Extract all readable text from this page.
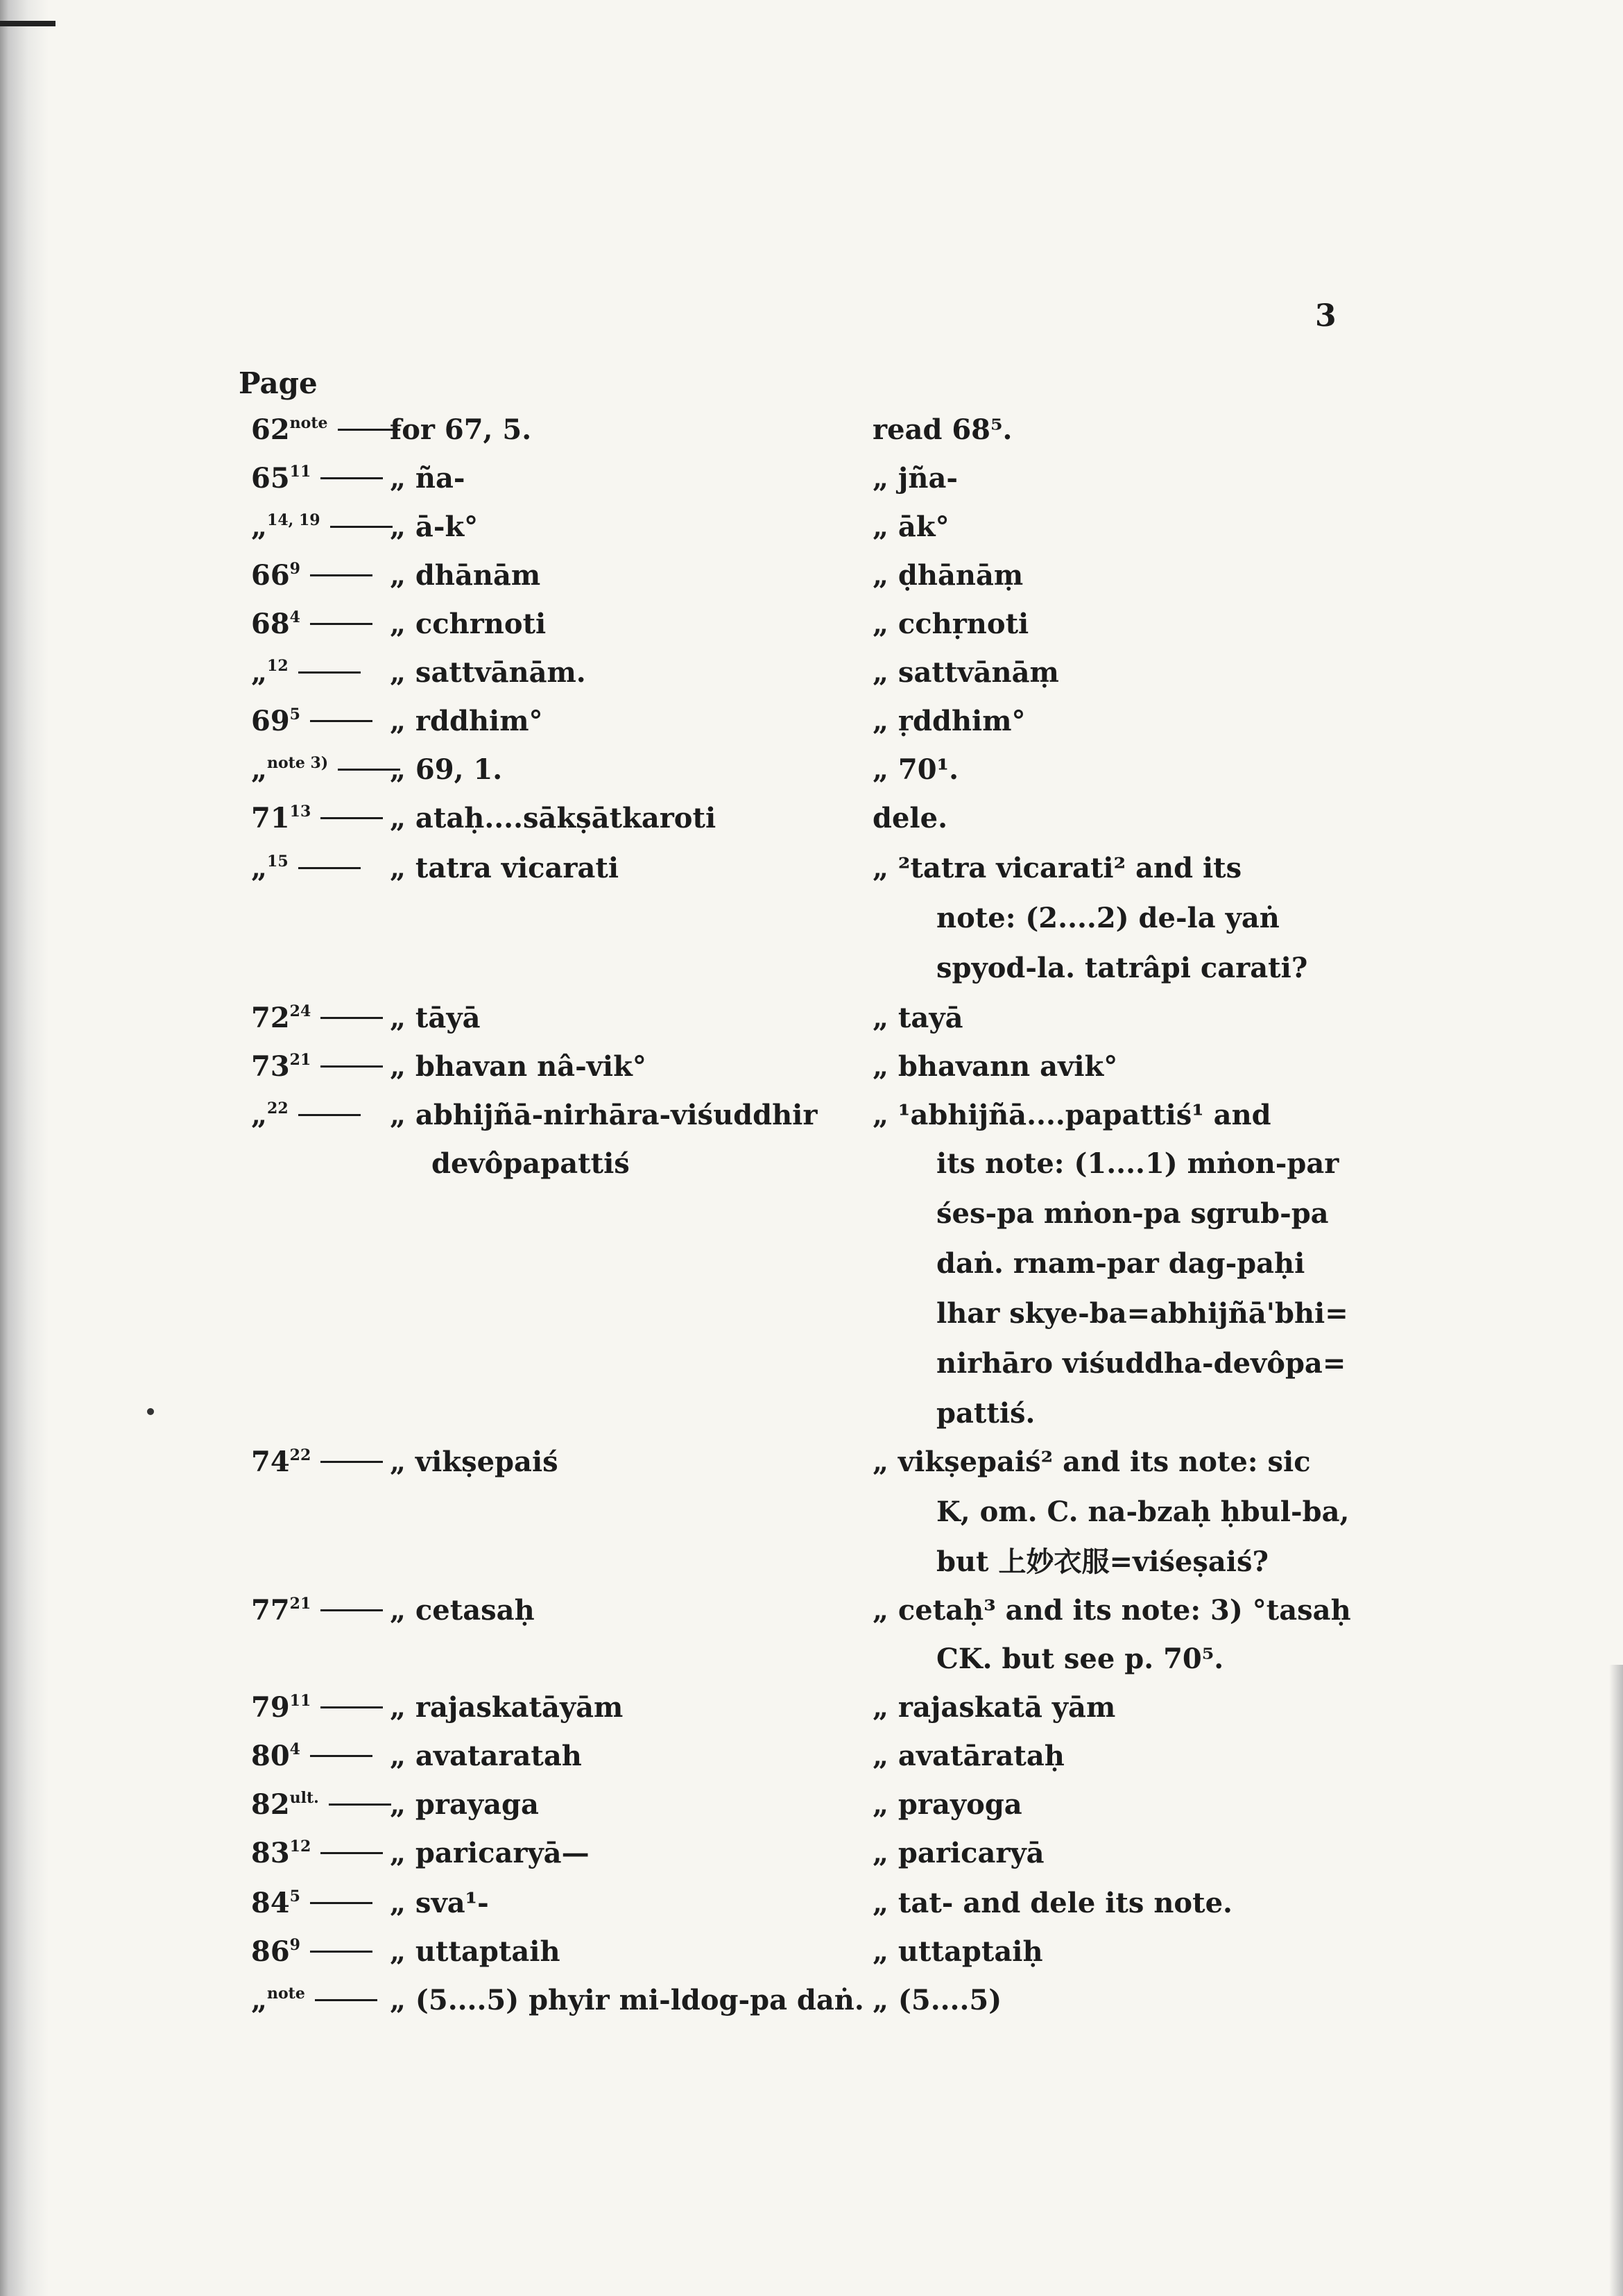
3
Page
$62^{note}$	for 67, 5.	read 68⁵.
$65^{11}$	„ ña-	„ jña-
„$^{14, 19}$	„ ā-k°	„ āk°
$66^9$	„ dhānām	„ ḍhānāṃ
$68^4$	„ cchrnoti	„ cchṛnoti
„$^{12}$	„ sattvānām.	„ sattvānāṃ
$69^5$	„ rddhim°	„ ṛddhim°
„$^{note 3)}$	„ 69, 1.	„ 70¹.
$71^{13}$	„ ataḥ....sākṣātkaroti	dele.
„$^{15}$	„ tatra vicarati	„ ²tatra vicarati² and its
note: (2....2) de-la yaṅ
spyod-la. tatrâpi carati?
$72^{24}$	„ tāyā	„ tayā
$73^{21}$	„ bhavan nâ-vik°	„ bhavann avik°
„$^{22}$	„ abhijñā-nirhāra-viśuddhir „ ¹abhijñā....papattiś¹ and
devôpapattiś	its note: (1....1) mṅon-par
śes-pa mṅon-pa sgrub-pa
daṅ. rnam-par dag-paḥi
lhar skye-ba=abhijñā'bhi=
nirhāro viśuddha-devôpa=
pattiś.
$74^{22}$	„ vikṣepaiś	„ vikṣepaiś² and its note: sic
K, om. C. na-bzaḥ ḥbul-ba,
but 上妙衣服=viśeṣaiś?
$77^{21}$	„ cetasaḥ	„ cetaḥ³ and its note: 3) °tasaḥ
CK. but see p. 70⁵.
$79^{11}$	„ rajaskatāyām	„ rajaskatā yām
$80^4$	„ avataratah	„ avatārataḥ
$82^{ult.}$	„ prayaga	„ prayoga
$83^{12}$	„ paricaryā—	„ paricaryā
$84^5$	„ sva¹-	„ tat- and dele its note.
$86^9$	„ uttaptaih	„ uttaptaiḥ
„$^{note}$	„ (5....5) phyir mi-ldog-pa daṅ. „ (5....5)
